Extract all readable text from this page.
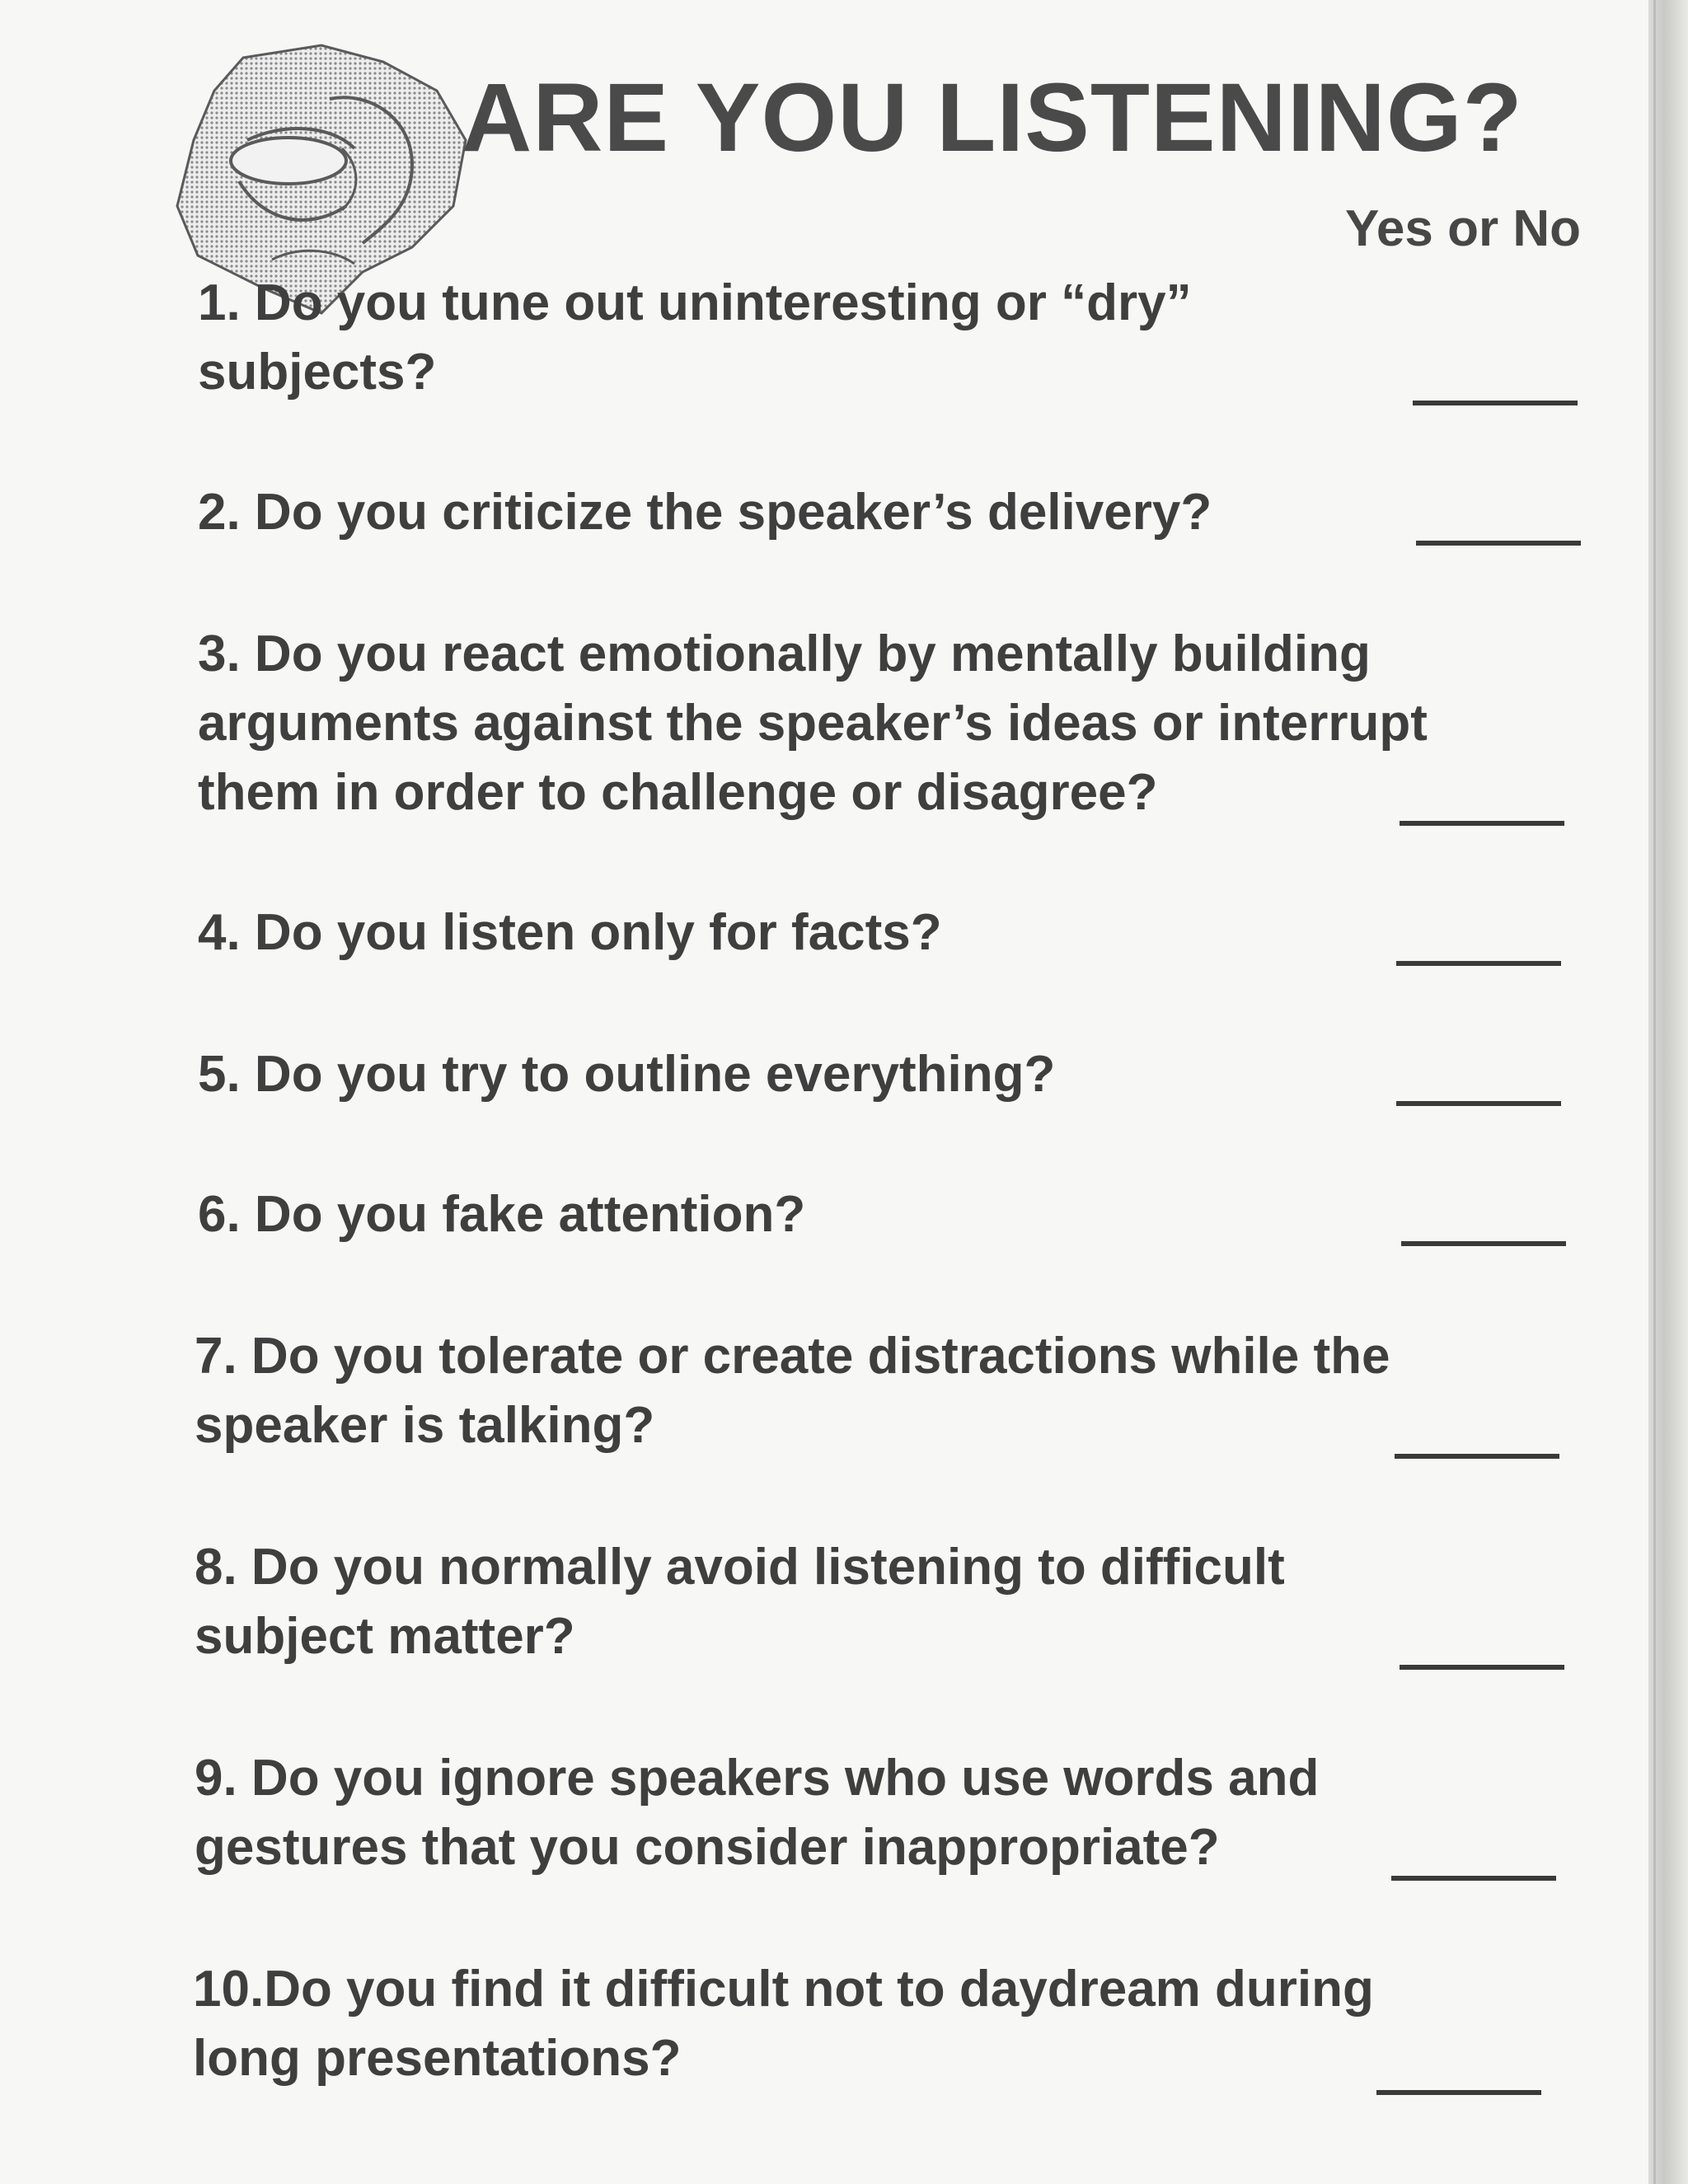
ARE YOU LISTENING?
Yes or No
1. Do you tune out uninteresting or “dry”
subjects?
2. Do you criticize the speaker’s delivery?
3. Do you react emotionally by mentally building
arguments against the speaker’s ideas or interrupt
them in order to challenge or disagree?
4. Do you listen only for facts?
5. Do you try to outline everything?
6. Do you fake attention?
7. Do you tolerate or create distractions while the
speaker is talking?
8. Do you normally avoid listening to difficult
subject matter?
9. Do you ignore speakers who use words and
gestures that you consider inappropriate?
10.Do you find it difficult not to daydream during
long presentations?
